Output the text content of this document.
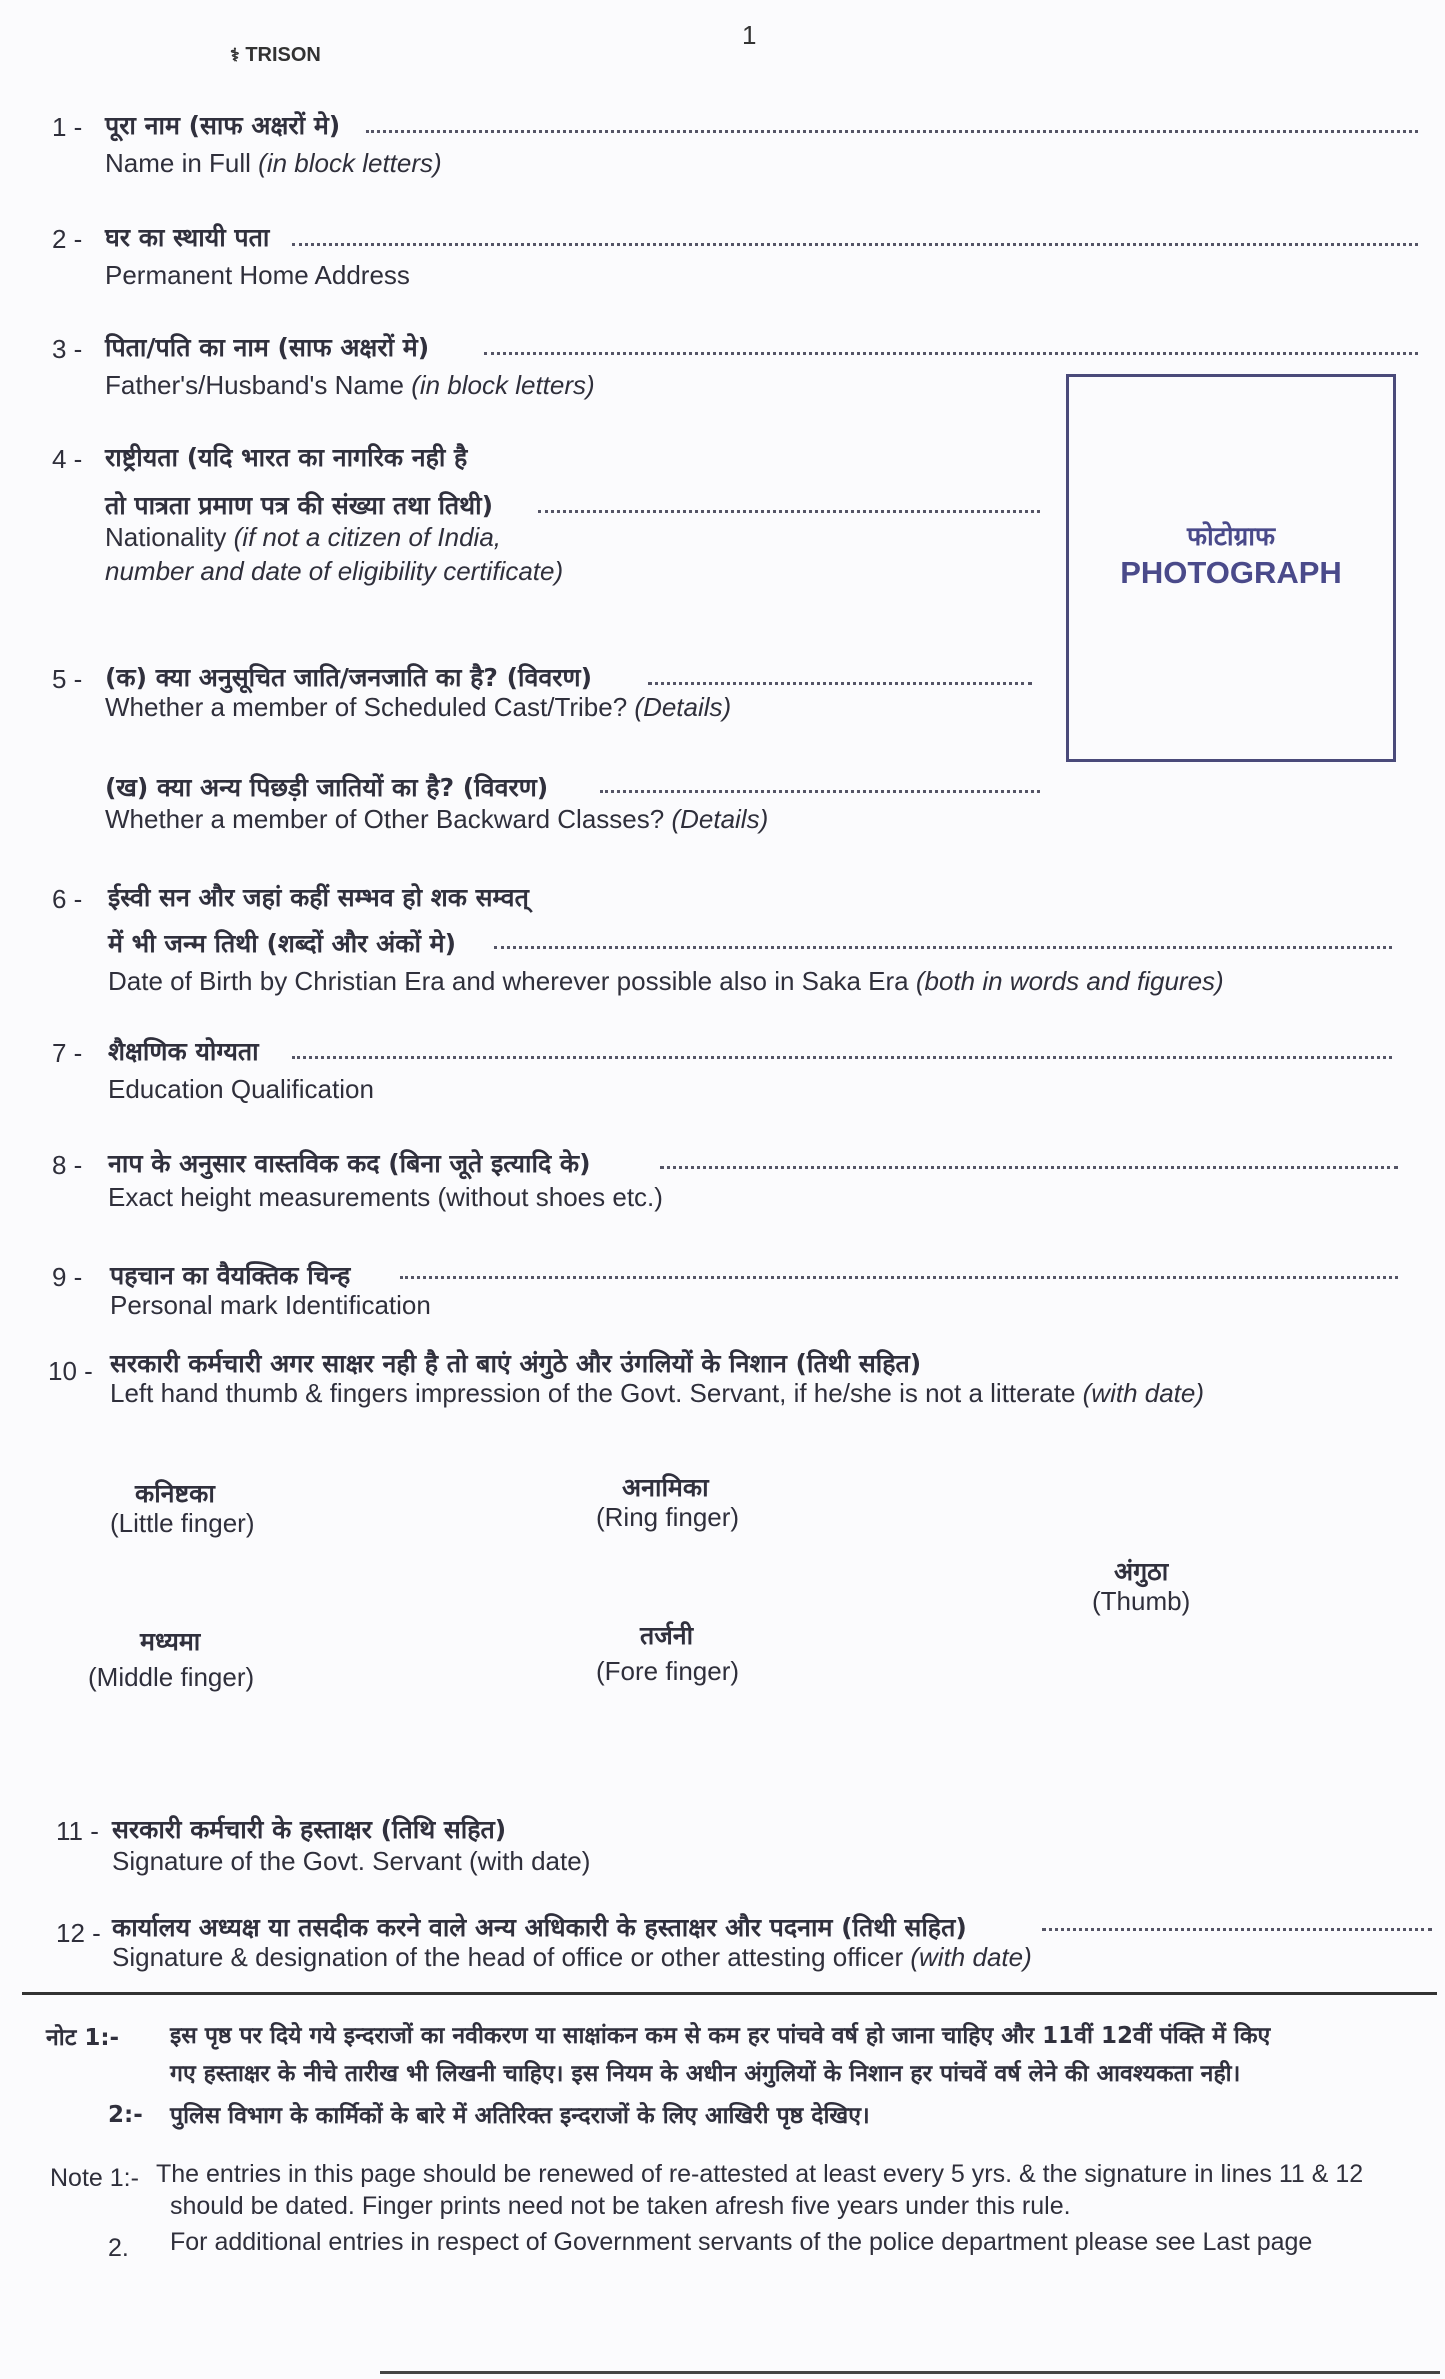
⚕ TRISON
1
1 - पूरा नाम (साफ अक्षरों मे)
Name in Full (in block letters)
2 - घर का स्थायी पता
Permanent Home Address
3 - पिता/पति का नाम (साफ अक्षरों मे)
Father's/Husband's Name (in block letters)
फोटोग्राफ
PHOTOGRAPH
4 - राष्ट्रीयता (यदि भारत का नागरिक नही है
तो पात्रता प्रमाण पत्र की संख्या तथा तिथी)
Nationality (if not a citizen of India,
number and date of eligibility certificate)
5 - (क) क्या अनुसूचित जाति/जनजाति का है? (विवरण)
Whether a member of Scheduled Cast/Tribe? (Details)
(ख) क्या अन्य पिछड़ी जातियों का है? (विवरण)
Whether a member of Other Backward Classes? (Details)
6 - ईस्वी सन और जहां कहीं सम्भव हो शक सम्वत्
में भी जन्म तिथी (शब्दों और अंकों मे)
Date of Birth by Christian Era and wherever possible also in Saka Era (both in words and figures)
7 - शैक्षणिक योग्यता
Education Qualification
8 - नाप के अनुसार वास्तविक कद (बिना जूते इत्यादि के)
Exact height measurements (without shoes etc.)
9 - पहचान का वैयक्तिक चिन्ह
Personal mark Identification
10 - सरकारी कर्मचारी अगर साक्षर नही है तो बाएं अंगुठे और उंगलियों के निशान (तिथी सहित)
Left hand thumb & fingers impression of the Govt. Servant, if he/she is not a litterate (with date)
कनिष्टका
(Little finger)
अनामिका
(Ring finger)
अंगुठा
(Thumb)
मध्यमा
(Middle finger)
तर्जनी
(Fore finger)
11 - सरकारी कर्मचारी के हस्ताक्षर (तिथि सहित)
Signature of the Govt. Servant (with date)
12 - कार्यालय अध्यक्ष या तसदीक करने वाले अन्य अधिकारी के हस्ताक्षर और पदनाम (तिथी सहित)
Signature & designation of the head of office or other attesting officer (with date)
नोट 1:- इस पृष्ठ पर दिये गये इन्दराजों का नवीकरण या साक्षांकन कम से कम हर पांचवे वर्ष हो जाना चाहिए और 11वीं 12वीं पंक्ति में किए
गए हस्ताक्षर के नीचे तारीख भी लिखनी चाहिए। इस नियम के अधीन अंगुलियों के निशान हर पांचवें वर्ष लेने की आवश्यकता नही।
2:- पुलिस विभाग के कार्मिकों के बारे में अतिरिक्त इन्दराजों के लिए आखिरी पृष्ठ देखिए।
Note 1:- The entries in this page should be renewed of re-attested at least every 5 yrs. & the signature in lines 11 & 12
should be dated. Finger prints need not be taken afresh five years under this rule.
2. For additional entries in respect of Government servants of the police department please see Last page
